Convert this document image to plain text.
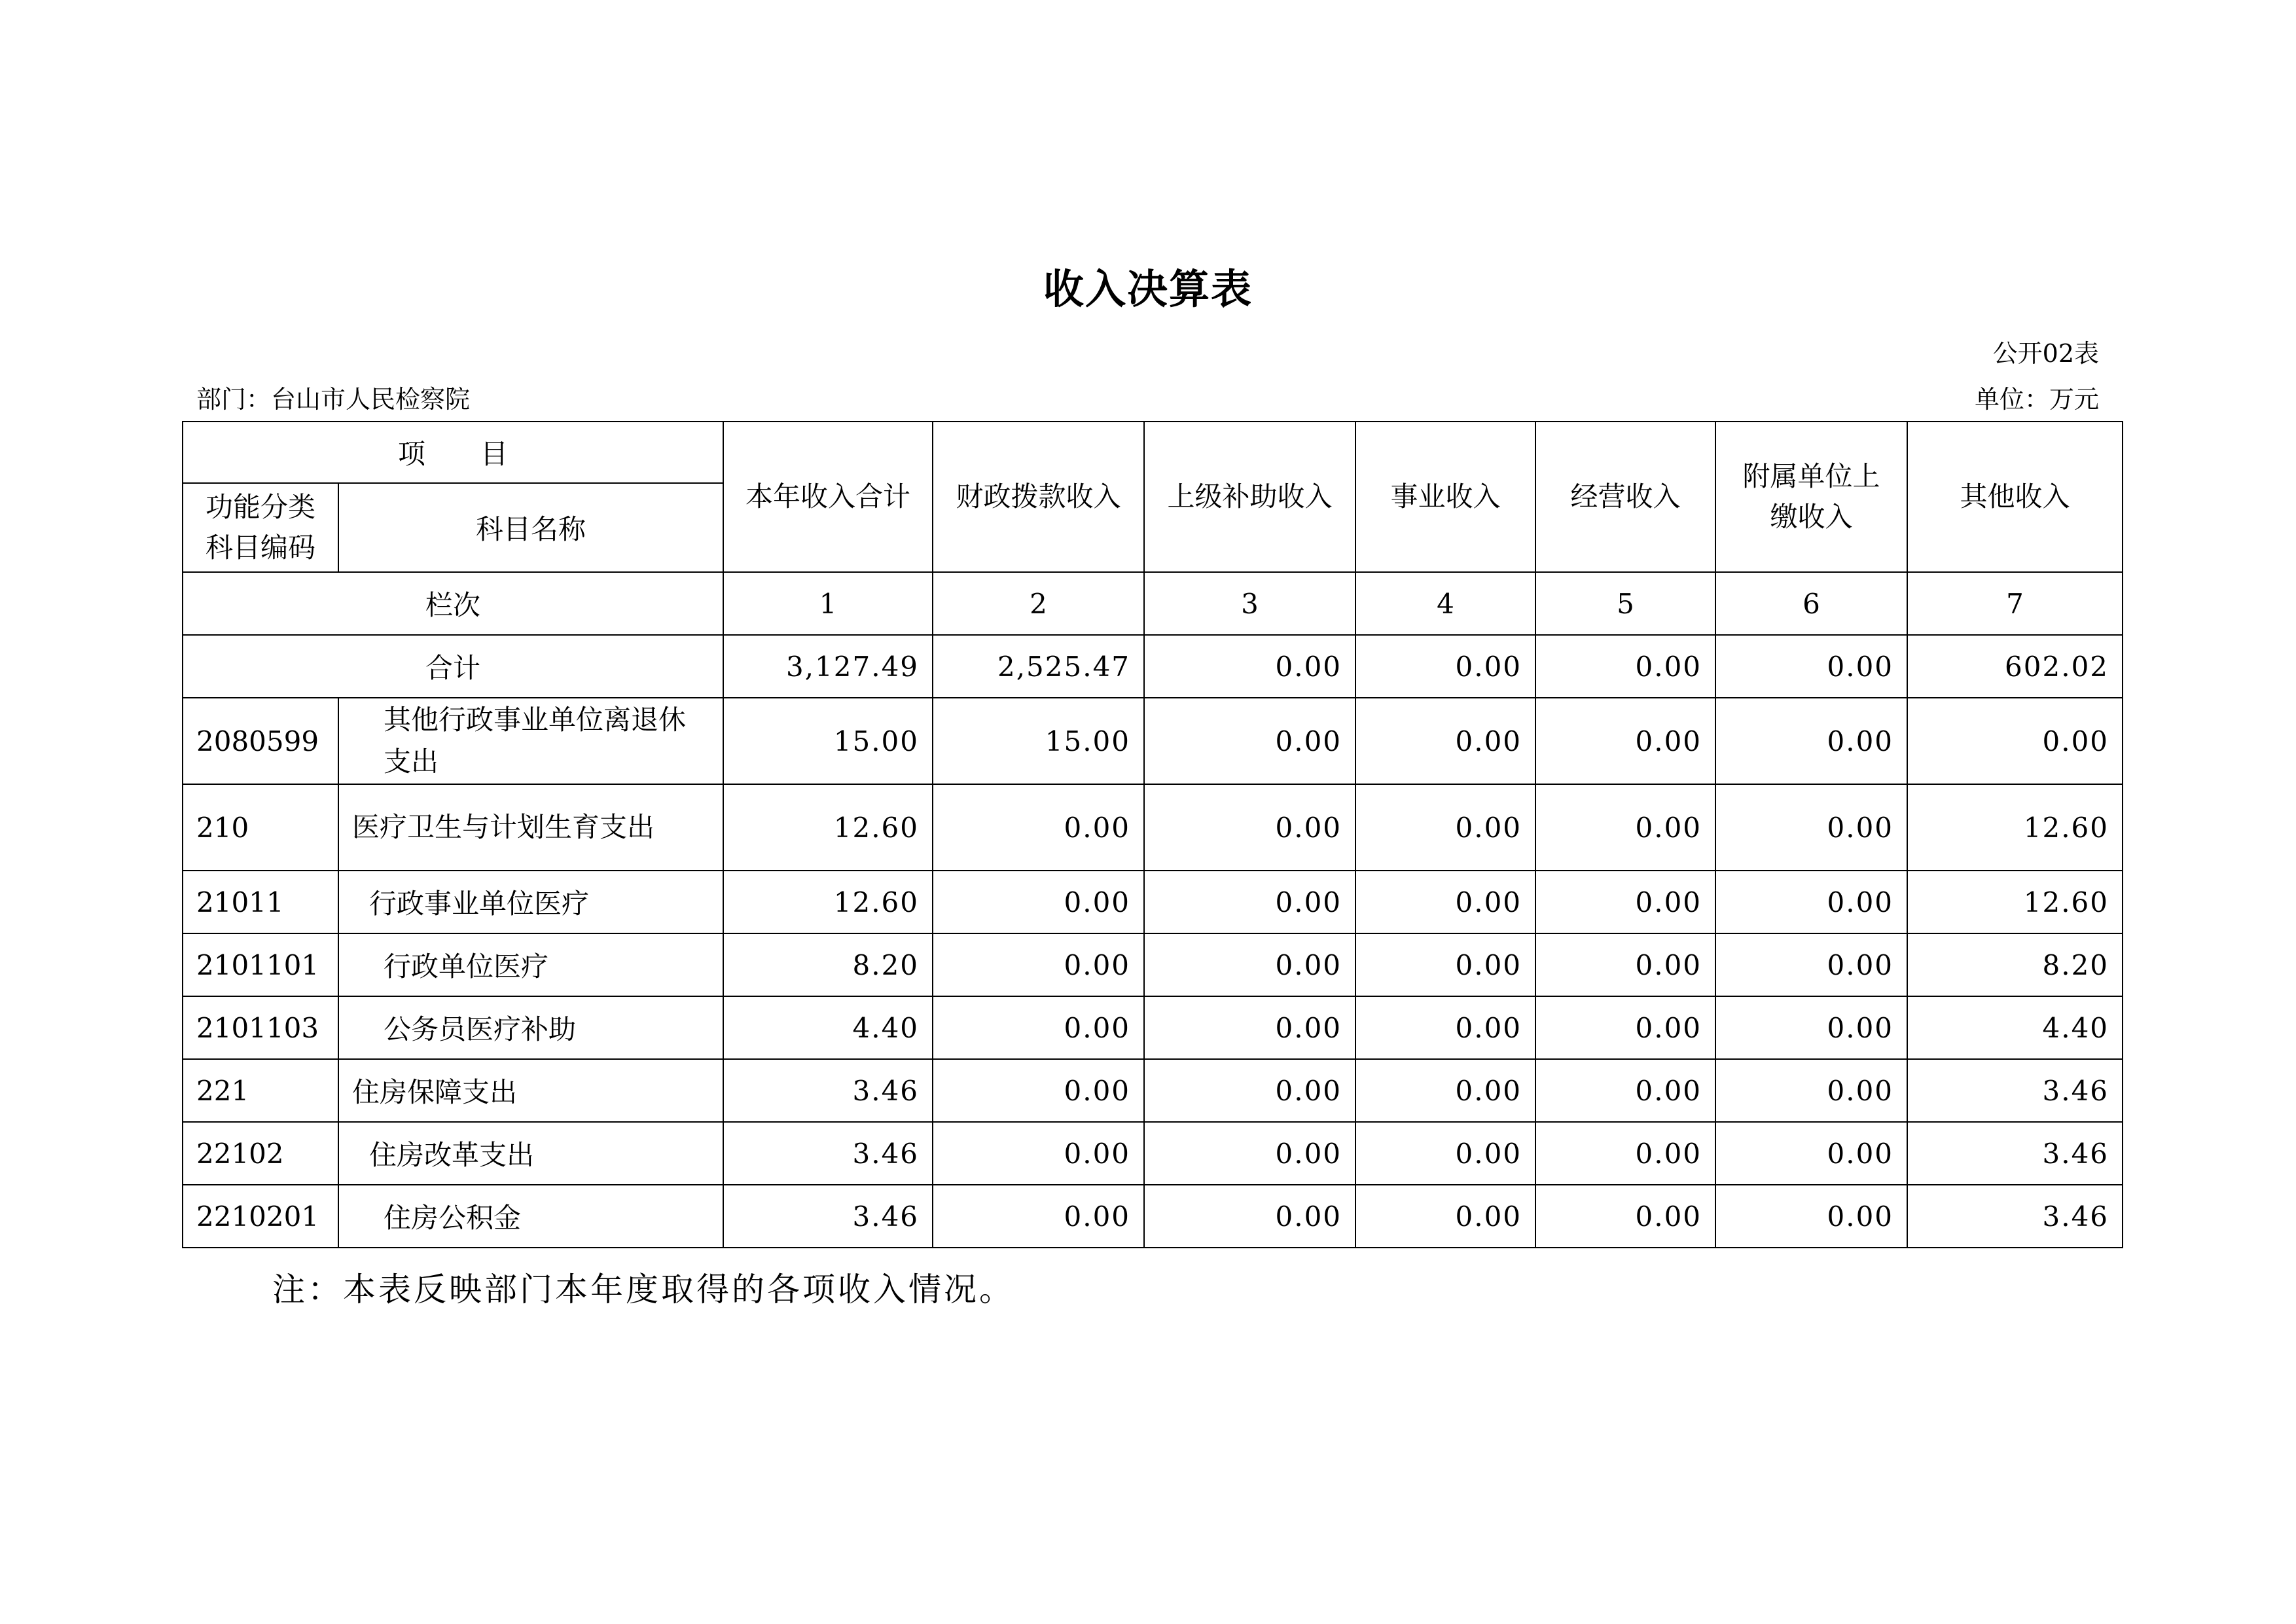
收入决算表
公开02表
部门：台山市人民检察院	单位：万元
项　　目		本年收入合计	财政拨款收入	上级补助收入	事业收入	经营收入	附属单位上缴收入	其他收入
功能分类科目编码	科目名称							
栏次		1	2	3	4	5	6	7
合计		3,127.49	2,525.47	0.00	0.00	0.00	0.00	602.02
2080599	其他行政事业单位离退休支出	15.00	15.00	0.00	0.00	0.00	0.00	0.00
210	医疗卫生与计划生育支出	12.60	0.00	0.00	0.00	0.00	0.00	12.60
21011	行政事业单位医疗	12.60	0.00	0.00	0.00	0.00	0.00	12.60
2101101	行政单位医疗	8.20	0.00	0.00	0.00	0.00	0.00	8.20
2101103	公务员医疗补助	4.40	0.00	0.00	0.00	0.00	0.00	4.40
221	住房保障支出	3.46	0.00	0.00	0.00	0.00	0.00	3.46
22102	住房改革支出	3.46	0.00	0.00	0.00	0.00	0.00	3.46
2210201	住房公积金	3.46	0.00	0.00	0.00	0.00	0.00	3.46
注：本表反映部门本年度取得的各项收入情况。
